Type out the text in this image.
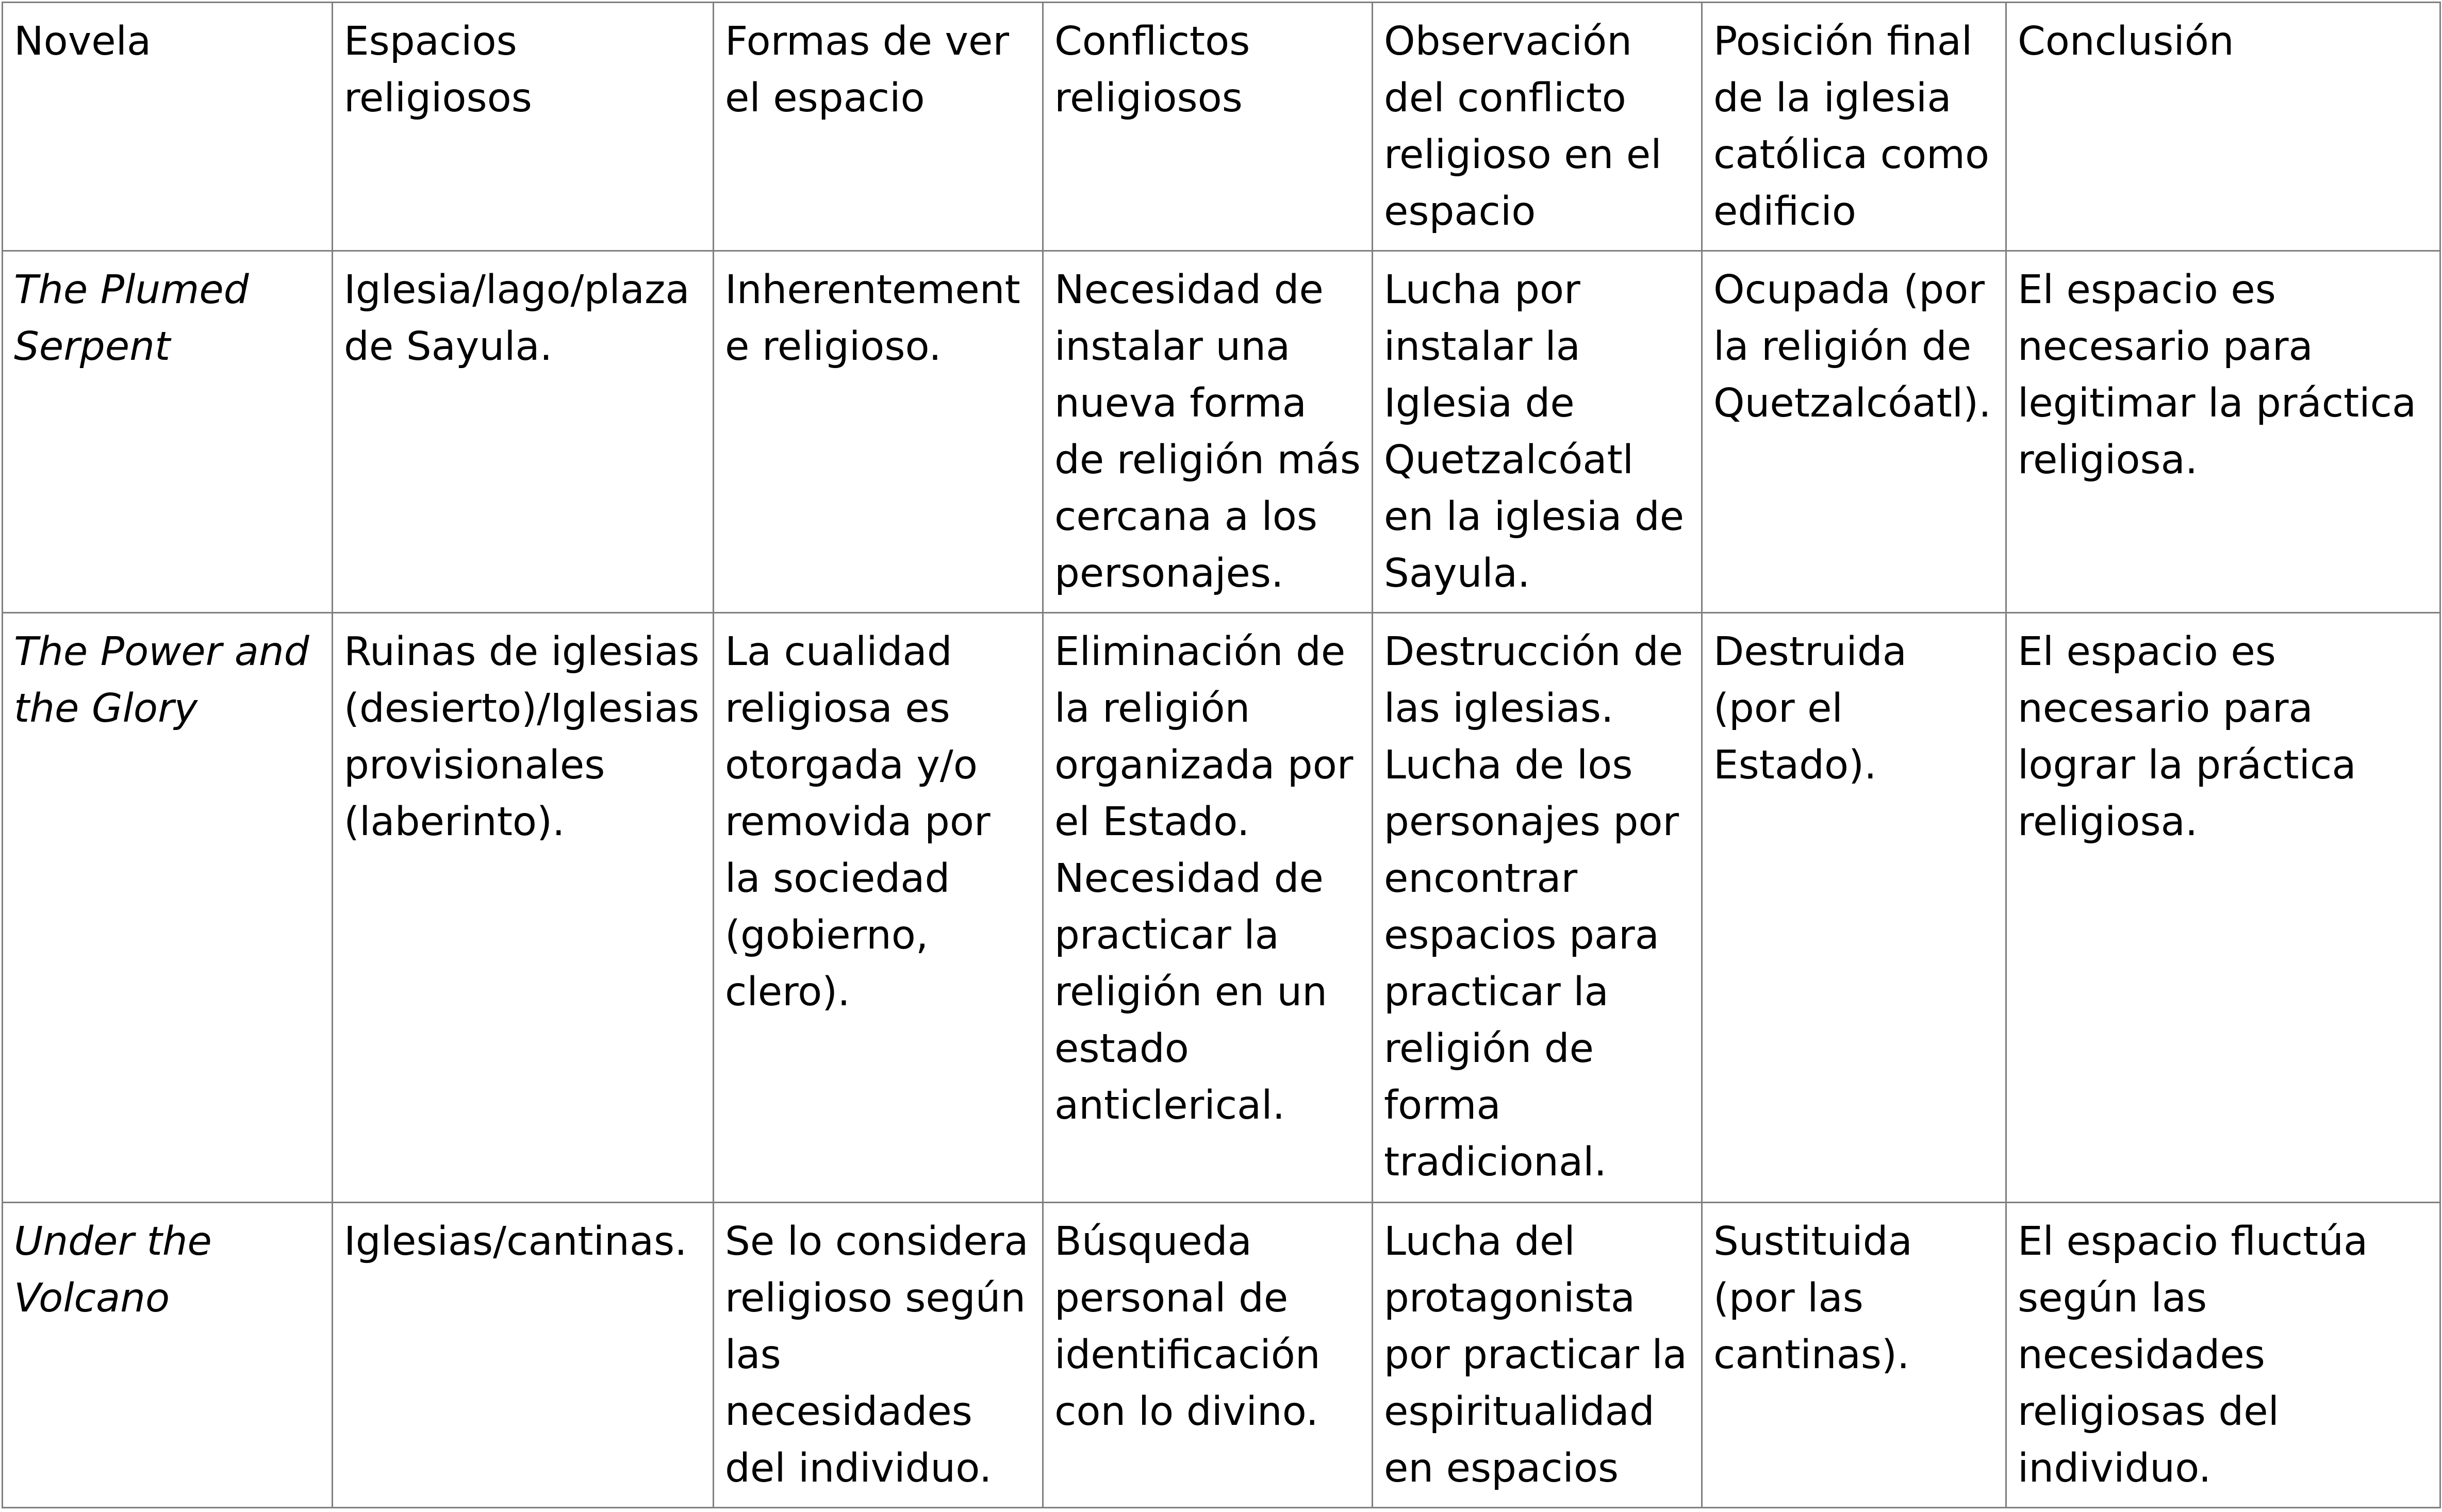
Novela	Espacios religiosos	Formas de ver el espacio	Conflictos religiosos	Observación del conflicto religioso en el espacio	Posición final de la iglesia católica como edificio	Conclusión
The Plumed Serpent	Iglesia/lago/plaza de Sayula.	Inherentemente religioso.	Necesidad de instalar una nueva forma de religión más cercana a los personajes.	Lucha por instalar la Iglesia de Quetzalcóatl en la iglesia de Sayula.	Ocupada (por la religión de Quetzalcóatl).	El espacio es necesario para legitimar la práctica religiosa.
The Power and the Glory	Ruinas de iglesias (desierto)/Iglesias provisionales (laberinto).	La cualidad religiosa es otorgada y/o removida por la sociedad (gobierno, clero).	Eliminación de la religión organizada por el Estado. Necesidad de practicar la religión en un estado anticlerical.	Destrucción de las iglesias. Lucha de los personajes por encontrar espacios para practicar la religión de forma tradicional.	Destruida (por el Estado).	El espacio es necesario para lograr la práctica religiosa.
Under the Volcano	Iglesias/cantinas.	Se lo considera religioso según las necesidades del individuo.	Búsqueda personal de identificación con lo divino.	Lucha del protagonista por practicar la espiritualidad en espacios	Sustituida (por las cantinas).	El espacio fluctúa según las necesidades religiosas del individuo.
